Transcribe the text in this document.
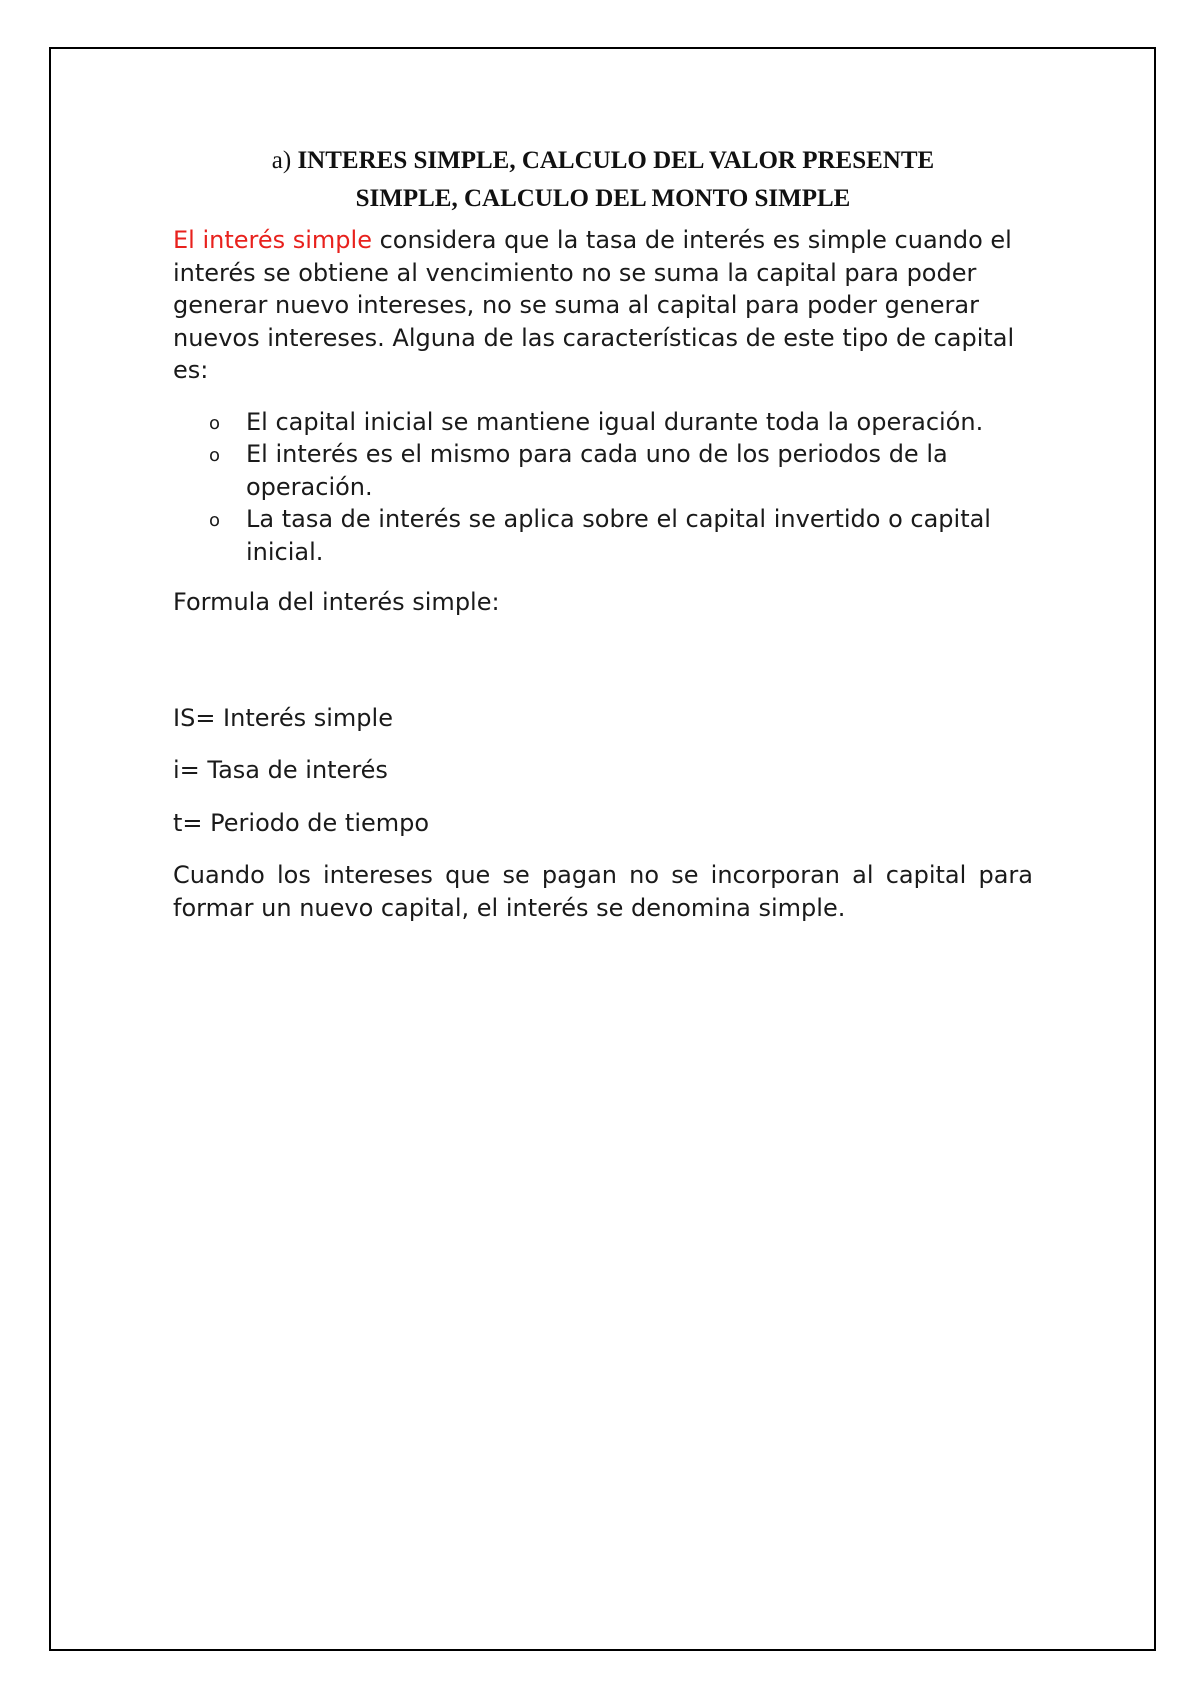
a) INTERES SIMPLE, CALCULO DEL VALOR PRESENTE
SIMPLE, CALCULO DEL MONTO SIMPLE

El interés simple considera que la tasa de interés es simple cuando el interés se obtiene al vencimiento no se suma la capital para poder generar nuevo intereses, no se suma al capital para poder generar nuevos intereses. Alguna de las características de este tipo de capital es:

o El capital inicial se mantiene igual durante toda la operación.
o El interés es el mismo para cada uno de los periodos de la operación.
o La tasa de interés se aplica sobre el capital invertido o capital inicial.

Formula del interés simple:

IS= Interés simple

i= Tasa de interés

t= Periodo de tiempo

Cuando los intereses que se pagan no se incorporan al capital para formar un nuevo capital, el interés se denomina simple.
